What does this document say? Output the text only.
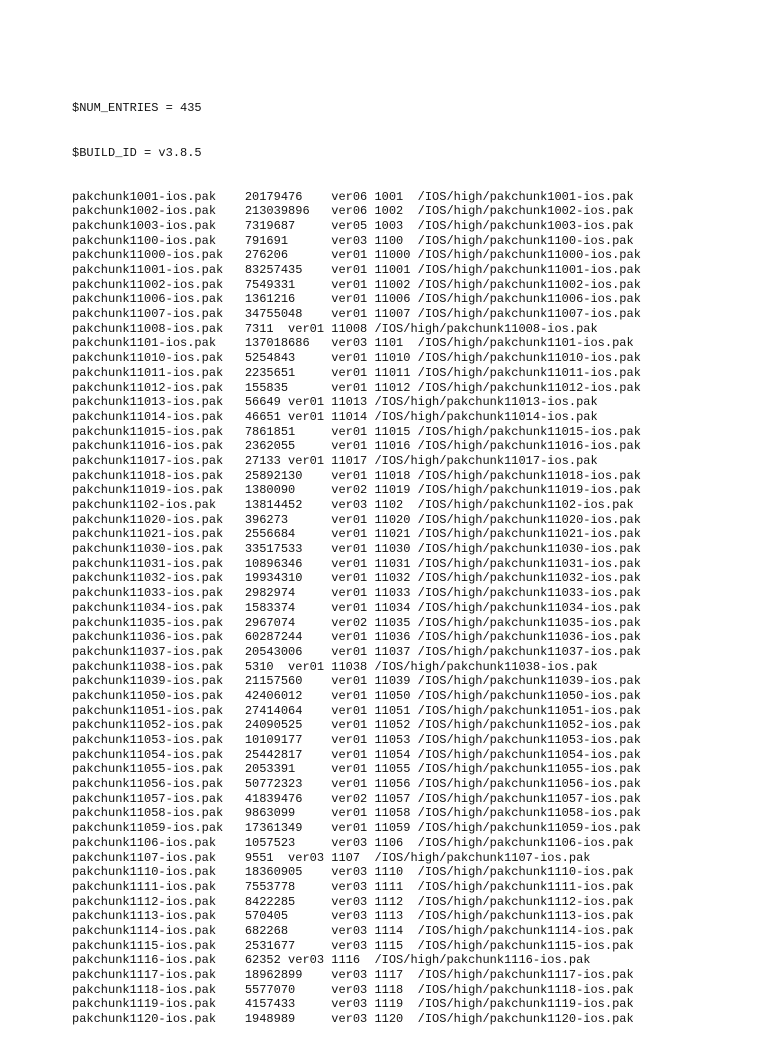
$NUM_ENTRIES = 435

$BUILD_ID = v3.8.5

pakchunk1001-ios.pak    20179476    ver06 1001  /IOS/high/pakchunk1001-ios.pak
pakchunk1002-ios.pak    213039896   ver06 1002  /IOS/high/pakchunk1002-ios.pak
pakchunk1003-ios.pak    7319687     ver05 1003  /IOS/high/pakchunk1003-ios.pak
pakchunk1100-ios.pak    791691      ver03 1100  /IOS/high/pakchunk1100-ios.pak
pakchunk11000-ios.pak   276206      ver01 11000 /IOS/high/pakchunk11000-ios.pak
pakchunk11001-ios.pak   83257435    ver01 11001 /IOS/high/pakchunk11001-ios.pak
pakchunk11002-ios.pak   7549331     ver01 11002 /IOS/high/pakchunk11002-ios.pak
pakchunk11006-ios.pak   1361216     ver01 11006 /IOS/high/pakchunk11006-ios.pak
pakchunk11007-ios.pak   34755048    ver01 11007 /IOS/high/pakchunk11007-ios.pak
pakchunk11008-ios.pak   7311  ver01 11008 /IOS/high/pakchunk11008-ios.pak
pakchunk1101-ios.pak    137018686   ver03 1101  /IOS/high/pakchunk1101-ios.pak
pakchunk11010-ios.pak   5254843     ver01 11010 /IOS/high/pakchunk11010-ios.pak
pakchunk11011-ios.pak   2235651     ver01 11011 /IOS/high/pakchunk11011-ios.pak
pakchunk11012-ios.pak   155835      ver01 11012 /IOS/high/pakchunk11012-ios.pak
pakchunk11013-ios.pak   56649 ver01 11013 /IOS/high/pakchunk11013-ios.pak
pakchunk11014-ios.pak   46651 ver01 11014 /IOS/high/pakchunk11014-ios.pak
pakchunk11015-ios.pak   7861851     ver01 11015 /IOS/high/pakchunk11015-ios.pak
pakchunk11016-ios.pak   2362055     ver01 11016 /IOS/high/pakchunk11016-ios.pak
pakchunk11017-ios.pak   27133 ver01 11017 /IOS/high/pakchunk11017-ios.pak
pakchunk11018-ios.pak   25892130    ver01 11018 /IOS/high/pakchunk11018-ios.pak
pakchunk11019-ios.pak   1380090     ver02 11019 /IOS/high/pakchunk11019-ios.pak
pakchunk1102-ios.pak    13814452    ver03 1102  /IOS/high/pakchunk1102-ios.pak
pakchunk11020-ios.pak   396273      ver01 11020 /IOS/high/pakchunk11020-ios.pak
pakchunk11021-ios.pak   2556684     ver01 11021 /IOS/high/pakchunk11021-ios.pak
pakchunk11030-ios.pak   33517533    ver01 11030 /IOS/high/pakchunk11030-ios.pak
pakchunk11031-ios.pak   10896346    ver01 11031 /IOS/high/pakchunk11031-ios.pak
pakchunk11032-ios.pak   19934310    ver01 11032 /IOS/high/pakchunk11032-ios.pak
pakchunk11033-ios.pak   2982974     ver01 11033 /IOS/high/pakchunk11033-ios.pak
pakchunk11034-ios.pak   1583374     ver01 11034 /IOS/high/pakchunk11034-ios.pak
pakchunk11035-ios.pak   2967074     ver02 11035 /IOS/high/pakchunk11035-ios.pak
pakchunk11036-ios.pak   60287244    ver01 11036 /IOS/high/pakchunk11036-ios.pak
pakchunk11037-ios.pak   20543006    ver01 11037 /IOS/high/pakchunk11037-ios.pak
pakchunk11038-ios.pak   5310  ver01 11038 /IOS/high/pakchunk11038-ios.pak
pakchunk11039-ios.pak   21157560    ver01 11039 /IOS/high/pakchunk11039-ios.pak
pakchunk11050-ios.pak   42406012    ver01 11050 /IOS/high/pakchunk11050-ios.pak
pakchunk11051-ios.pak   27414064    ver01 11051 /IOS/high/pakchunk11051-ios.pak
pakchunk11052-ios.pak   24090525    ver01 11052 /IOS/high/pakchunk11052-ios.pak
pakchunk11053-ios.pak   10109177    ver01 11053 /IOS/high/pakchunk11053-ios.pak
pakchunk11054-ios.pak   25442817    ver01 11054 /IOS/high/pakchunk11054-ios.pak
pakchunk11055-ios.pak   2053391     ver01 11055 /IOS/high/pakchunk11055-ios.pak
pakchunk11056-ios.pak   50772323    ver01 11056 /IOS/high/pakchunk11056-ios.pak
pakchunk11057-ios.pak   41839476    ver02 11057 /IOS/high/pakchunk11057-ios.pak
pakchunk11058-ios.pak   9863099     ver01 11058 /IOS/high/pakchunk11058-ios.pak
pakchunk11059-ios.pak   17361349    ver01 11059 /IOS/high/pakchunk11059-ios.pak
pakchunk1106-ios.pak    1057523     ver03 1106  /IOS/high/pakchunk1106-ios.pak
pakchunk1107-ios.pak    9551  ver03 1107  /IOS/high/pakchunk1107-ios.pak
pakchunk1110-ios.pak    18360905    ver03 1110  /IOS/high/pakchunk1110-ios.pak
pakchunk1111-ios.pak    7553778     ver03 1111  /IOS/high/pakchunk1111-ios.pak
pakchunk1112-ios.pak    8422285     ver03 1112  /IOS/high/pakchunk1112-ios.pak
pakchunk1113-ios.pak    570405      ver03 1113  /IOS/high/pakchunk1113-ios.pak
pakchunk1114-ios.pak    682268      ver03 1114  /IOS/high/pakchunk1114-ios.pak
pakchunk1115-ios.pak    2531677     ver03 1115  /IOS/high/pakchunk1115-ios.pak
pakchunk1116-ios.pak    62352 ver03 1116  /IOS/high/pakchunk1116-ios.pak
pakchunk1117-ios.pak    18962899    ver03 1117  /IOS/high/pakchunk1117-ios.pak
pakchunk1118-ios.pak    5577070     ver03 1118  /IOS/high/pakchunk1118-ios.pak
pakchunk1119-ios.pak    4157433     ver03 1119  /IOS/high/pakchunk1119-ios.pak
pakchunk1120-ios.pak    1948989     ver03 1120  /IOS/high/pakchunk1120-ios.pak
